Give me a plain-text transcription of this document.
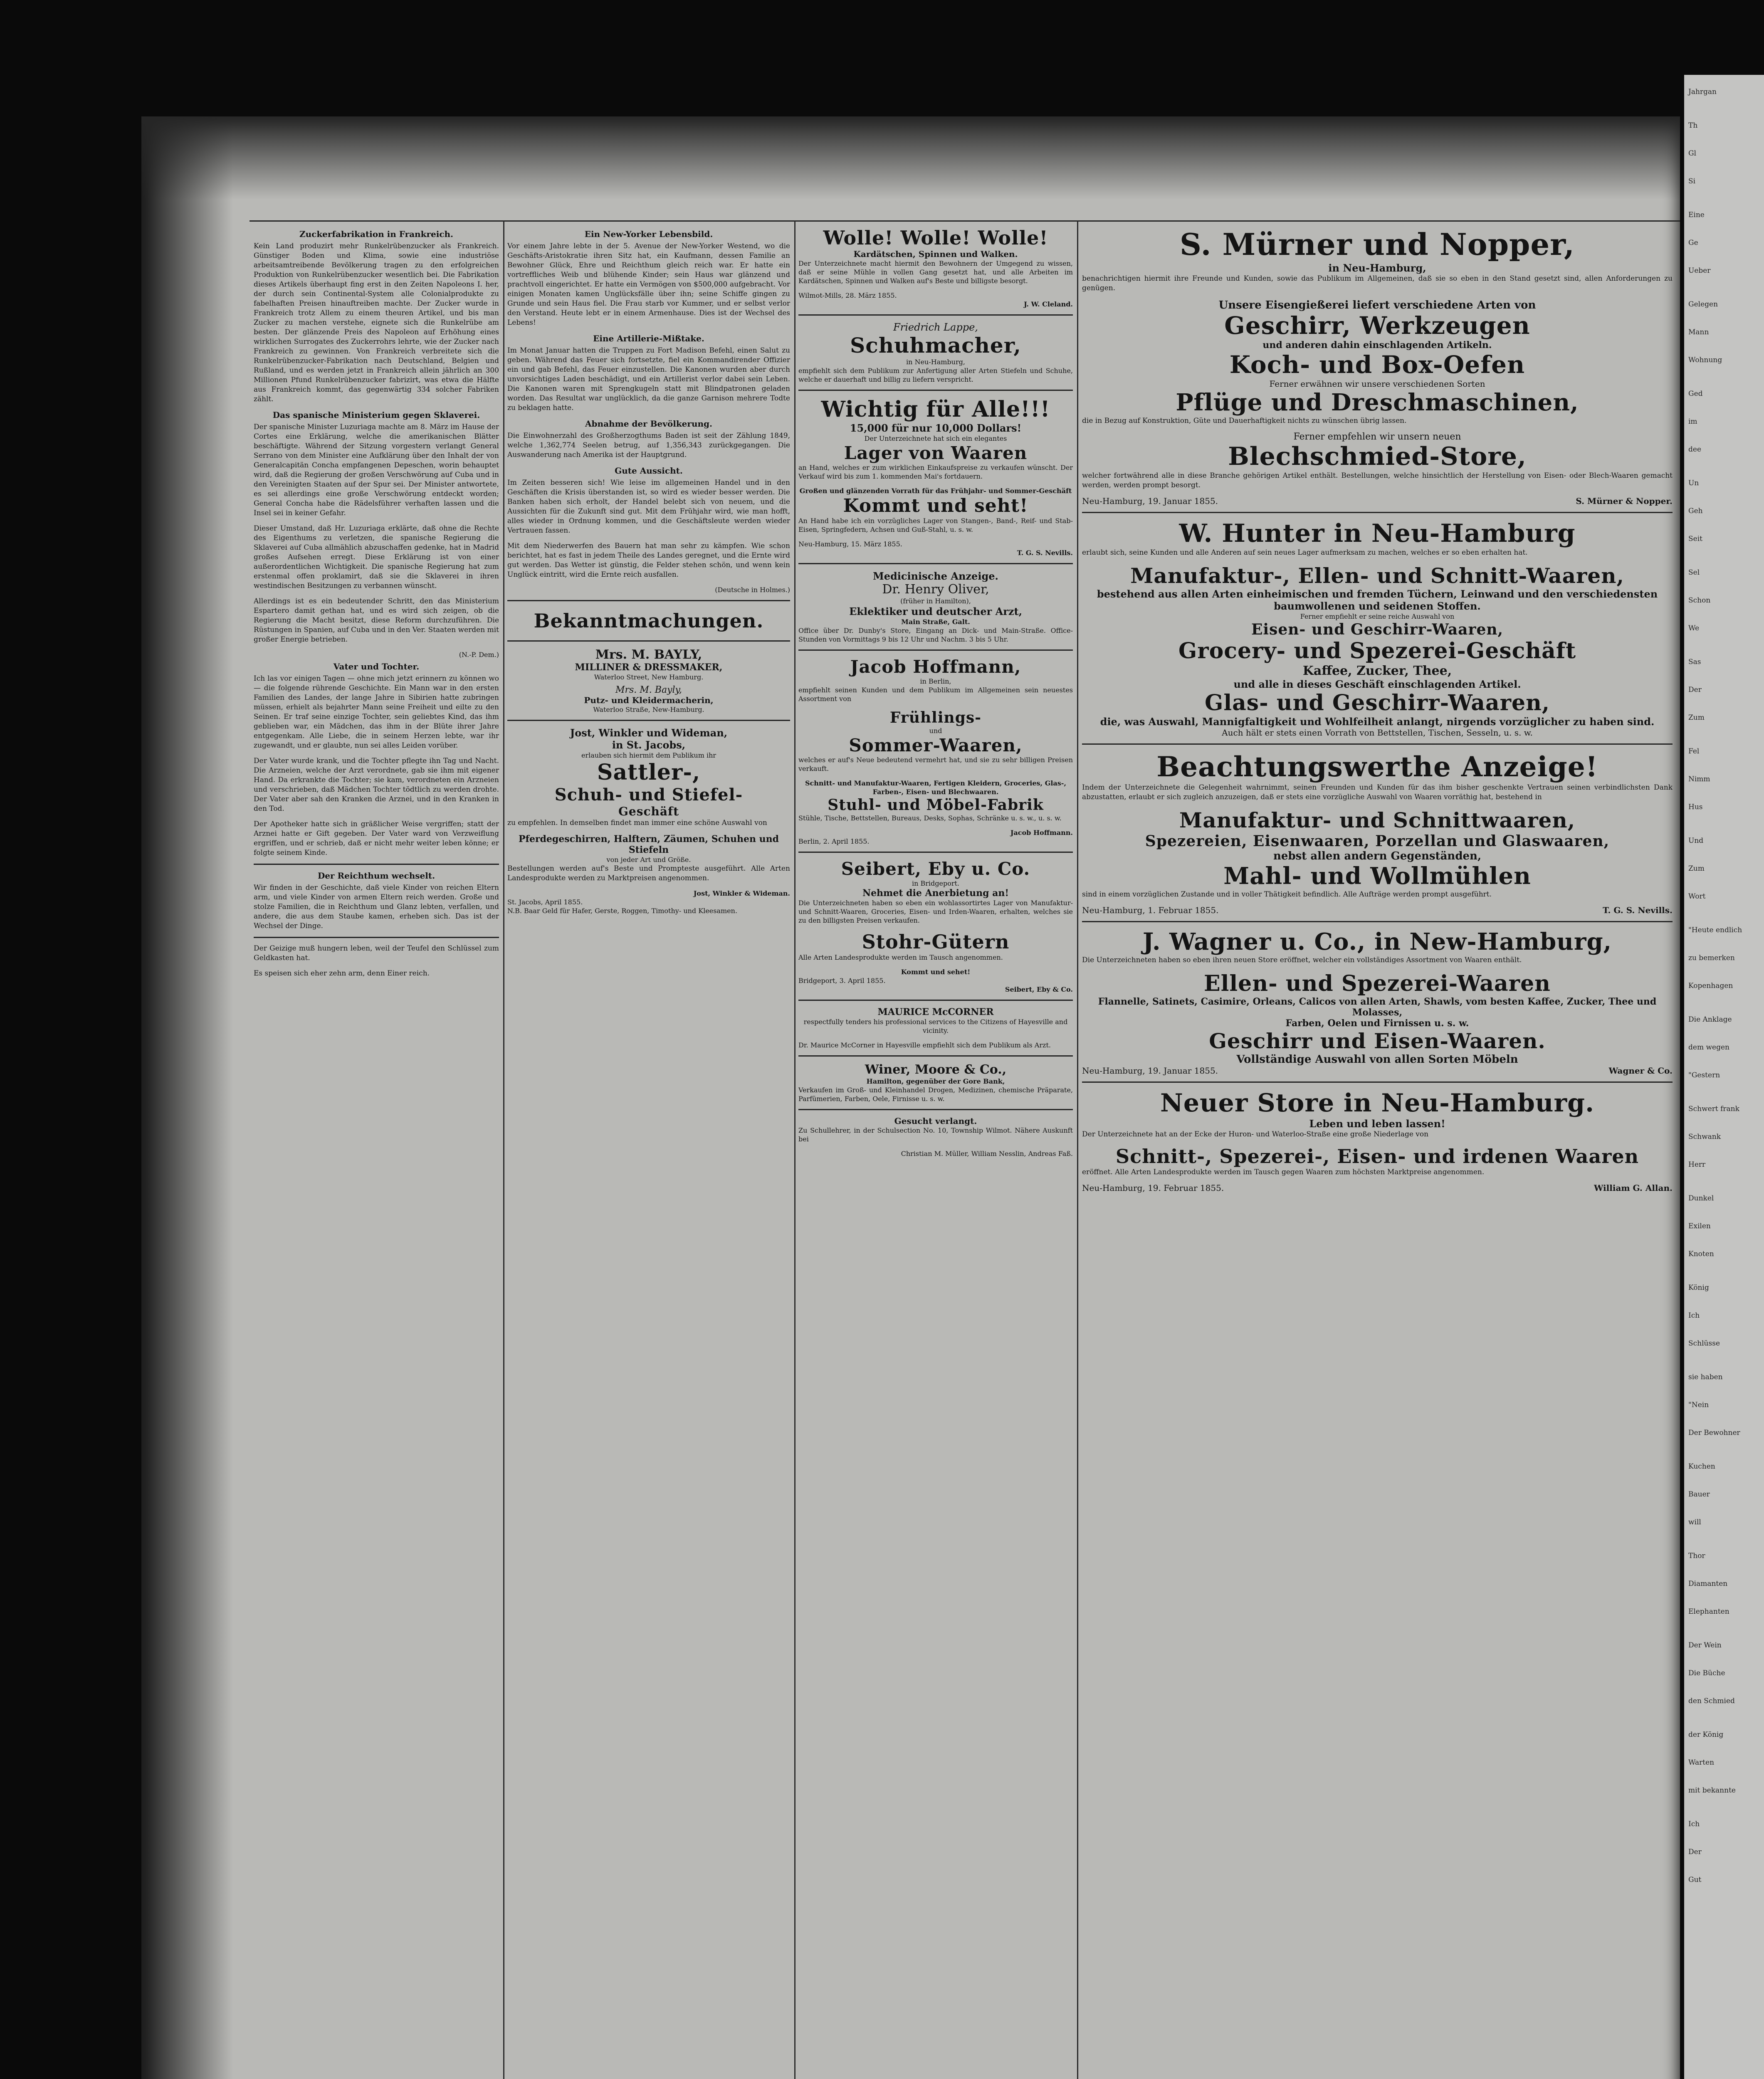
Zuckerfabrikation in Frankreich.

Kein Land produzirt mehr Runkelrübenzucker als Frankreich. Günstiger Boden und Klima, sowie eine industriöse arbeitsamtreibende Bevölkerung tragen zu den erfolgreichen Produktion von Runkelrübenzucker wesentlich bei. Die Fabrikation dieses Artikels überhaupt fing erst in den Zeiten Napoleons I. her, der durch sein Continental-System alle Colonialprodukte zu fabelhaften Preisen hinauftreiben machte. Der Zucker wurde in Frankreich trotz Allem zu einem theuren Artikel, und bis man Zucker zu machen verstehe, eignete sich die Runkelrübe am besten. Der glänzende Preis des Napoleon auf Erhöhung eines wirklichen Surrogates des Zuckerrohrs lehrte, wie der Zucker nach Frankreich zu gewinnen. Von Frankreich verbreitete sich die Runkelrübenzucker-Fabrikation nach Deutschland, Belgien und Rußland, und es werden jetzt in Frankreich allein jährlich an 300 Millionen Pfund Runkelrübenzucker fabrizirt, was etwa die Hälfte aus Frankreich kommt, das gegenwärtig 334 solcher Fabriken zählt.

Das spanische Ministerium gegen Sklaverei.

Der spanische Minister Luzuriaga machte am 8. März im Hause der Cortes eine Erklärung, welche die amerikanischen Blätter beschäftigte. Während der Sitzung vorgestern verlangt General Serrano von dem Minister eine Aufklärung über den Inhalt der von Generalcapitän Concha empfangenen Depeschen, worin behauptet wird, daß die Regierung der großen Verschwörung auf Cuba und in den Vereinigten Staaten auf der Spur sei. Der Minister antwortete, es sei allerdings eine große Verschwörung entdeckt worden; General Concha habe die Rädelsführer verhaften lassen und die Insel sei in keiner Gefahr.

Dieser Umstand, daß Hr. Luzuriaga erklärte, daß ohne die Rechte des Eigenthums zu verletzen, die spanische Regierung die Sklaverei auf Cuba allmählich abzuschaffen gedenke, hat in Madrid großes Aufsehen erregt. Diese Erklärung ist von einer außerordentlichen Wichtigkeit. Die spanische Regierung hat zum erstenmal offen proklamirt, daß sie die Sklaverei in ihren westindischen Besitzungen zu verbannen wünscht.

Allerdings ist es ein bedeutender Schritt, den das Ministerium Espartero damit gethan hat, und es wird sich zeigen, ob die Regierung die Macht besitzt, diese Reform durchzuführen. Die Rüstungen in Spanien, auf Cuba und in den Ver. Staaten werden mit großer Energie betrieben.

(N.-P. Dem.)
Vater und Tochter.

Ich las vor einigen Tagen — ohne mich jetzt erinnern zu können wo — die folgende rührende Geschichte. Ein Mann war in den ersten Familien des Landes, der lange Jahre in Sibirien hatte zubringen müssen, erhielt als bejahrter Mann seine Freiheit und eilte zu den Seinen. Er traf seine einzige Tochter, sein geliebtes Kind, das ihm geblieben war, ein Mädchen, das ihm in der Blüte ihrer Jahre entgegenkam. Alle Liebe, die in seinem Herzen lebte, war ihr zugewandt, und er glaubte, nun sei alles Leiden vorüber.

Der Vater wurde krank, und die Tochter pflegte ihn Tag und Nacht. Die Arzneien, welche der Arzt verordnete, gab sie ihm mit eigener Hand. Da erkrankte die Tochter; sie kam, verordneten ein Arzneien und verschrieben, daß Mädchen Tochter tödtlich zu werden drohte. Der Vater aber sah den Kranken die Arznei, und in den Kranken in den Tod.

Der Apotheker hatte sich in gräßlicher Weise vergriffen; statt der Arznei hatte er Gift gegeben. Der Vater ward von Verzweiflung ergriffen, und er schrieb, daß er nicht mehr weiter leben könne; er folgte seinem Kinde.

Der Reichthum wechselt.

Wir finden in der Geschichte, daß viele Kinder von reichen Eltern arm, und viele Kinder von armen Eltern reich werden. Große und stolze Familien, die in Reichthum und Glanz lebten, verfallen, und andere, die aus dem Staube kamen, erheben sich. Das ist der Wechsel der Dinge.

Der Geizige muß hungern leben, weil der Teufel den Schlüssel zum Geldkasten hat.

Es speisen sich eher zehn arm, denn Einer reich.

Ein New-Yorker Lebensbild.

Vor einem Jahre lebte in der 5. Avenue der New-Yorker Westend, wo die Geschäfts-Aristokratie ihren Sitz hat, ein Kaufmann, dessen Familie an Bewohner Glück, Ehre und Reichthum gleich reich war. Er hatte ein vortreffliches Weib und blühende Kinder; sein Haus war glänzend und prachtvoll eingerichtet. Er hatte ein Vermögen von $500,000 aufgebracht. Vor einigen Monaten kamen Unglücksfälle über ihn; seine Schiffe gingen zu Grunde und sein Haus fiel. Die Frau starb vor Kummer, und er selbst verlor den Verstand. Heute lebt er in einem Armenhause. Dies ist der Wechsel des Lebens!

Eine Artillerie-Mißtake.

Im Monat Januar hatten die Truppen zu Fort Madison Befehl, einen Salut zu geben. Während das Feuer sich fortsetzte, fiel ein Kommandirender Offizier ein und gab Befehl, das Feuer einzustellen. Die Kanonen wurden aber durch unvorsichtiges Laden beschädigt, und ein Artillerist verlor dabei sein Leben. Die Kanonen waren mit Sprengkugeln statt mit Blindpatronen geladen worden. Das Resultat war unglücklich, da die ganze Garnison mehrere Todte zu beklagen hatte.

Abnahme der Bevölkerung.

Die Einwohnerzahl des Großherzogthums Baden ist seit der Zählung 1849, welche 1,362,774 Seelen betrug, auf 1,356,343 zurückgegangen. Die Auswanderung nach Amerika ist der Hauptgrund.

Gute Aussicht.

Im Zeiten besseren sich! Wie leise im allgemeinen Handel und in den Geschäften die Krisis überstanden ist, so wird es wieder besser werden. Die Banken haben sich erholt, der Handel belebt sich von neuem, und die Aussichten für die Zukunft sind gut. Mit dem Frühjahr wird, wie man hofft, alles wieder in Ordnung kommen, und die Geschäftsleute werden wieder Vertrauen fassen.

Mit dem Niederwerfen des Bauern hat man sehr zu kämpfen. Wie schon berichtet, hat es fast in jedem Theile des Landes geregnet, und die Ernte wird gut werden. Das Wetter ist günstig, die Felder stehen schön, und wenn kein Unglück eintritt, wird die Ernte reich ausfallen.

(Deutsche in Holmes.)
Bekanntmachungen.
Mrs. M. BAYLY,
MILLINER & DRESSMAKER,
Waterloo Street, New Hamburg.
Mrs. M. Bayly,
Putz- und Kleidermacherin,
Waterloo Straße, New-Hamburg.
Jost, Winkler und Wideman,
in St. Jacobs,
erlauben sich hiermit dem Publikum ihr
Sattler-,
Schuh- und Stiefel-
Geschäft

zu empfehlen. In demselben findet man immer eine schöne Auswahl von

Pferdegeschirren, Halftern, Zäumen, Schuhen und Stiefeln
von jeder Art und Größe.

Bestellungen werden auf's Beste und Prompteste ausgeführt. Alle Arten Landesprodukte werden zu Marktpreisen angenommen.

Jost, Winkler & Wideman.
St. Jacobs, April 1855.
N.B. Baar Geld für Hafer, Gerste, Roggen, Timothy- und Kleesamen.
Wolle! Wolle! Wolle!
Kardätschen, Spinnen und Walken.

Der Unterzeichnete macht hiermit den Bewohnern der Umgegend zu wissen, daß er seine Mühle in vollen Gang gesetzt hat, und alle Arbeiten im Kardätschen, Spinnen und Walken auf's Beste und billigste besorgt.

Wilmot-Mills, 28. März 1855.
J. W. Cleland.
Friedrich Lappe,
Schuhmacher,
in Neu-Hamburg,

empfiehlt sich dem Publikum zur Anfertigung aller Arten Stiefeln und Schuhe, welche er dauerhaft und billig zu liefern verspricht.

Wichtig für Alle!!!
15,000 für nur 10,000 Dollars!
Der Unterzeichnete hat sich ein elegantes
Lager von Waaren

an Hand, welches er zum wirklichen Einkaufspreise zu verkaufen wünscht. Der Verkauf wird bis zum 1. kommenden Mai's fortdauern.

Großen und glänzenden Vorrath für das Frühjahr- und Sommer-Geschäft
Kommt und seht!

An Hand habe ich ein vorzügliches Lager von Stangen-, Band-, Reif- und Stab-Eisen, Springfedern, Achsen und Guß-Stahl, u. s. w.

Neu-Hamburg, 15. März 1855.
T. G. S. Nevills.
Medicinische Anzeige.
Dr. Henry Oliver,
(früher in Hamilton),
Eklektiker und deutscher Arzt,
Main Straße, Galt.

Office über Dr. Dunby's Store, Eingang an Dick- und Main-Straße. Office-Stunden von Vormittags 9 bis 12 Uhr und Nachm. 3 bis 5 Uhr.

Jacob Hoffmann,
in Berlin,

empfiehlt seinen Kunden und dem Publikum im Allgemeinen sein neuestes Assortment von

Frühlings-
und
Sommer-Waaren,

welches er auf's Neue bedeutend vermehrt hat, und sie zu sehr billigen Preisen verkauft.

Schnitt- und Manufaktur-Waaren, Fertigen Kleidern, Groceries, Glas-, Farben-, Eisen- und Blechwaaren.
Stuhl- und Möbel-Fabrik

Stühle, Tische, Bettstellen, Bureaus, Desks, Sophas, Schränke u. s. w., u. s. w.

Jacob Hoffmann.
Berlin, 2. April 1855.
Seibert, Eby u. Co.
in Bridgeport.
Nehmet die Anerbietung an!

Die Unterzeichneten haben so eben ein wohlassortirtes Lager von Manufaktur- und Schnitt-Waaren, Groceries, Eisen- und Irden-Waaren, erhalten, welches sie zu den billigsten Preisen verkaufen.

Stohr-Gütern

Alle Arten Landesprodukte werden im Tausch angenommen.

Kommt und sehet!
Bridgeport, 3. April 1855.
Seibert, Eby & Co.
MAURICE McCORNER

respectfully tenders his professional services to the Citizens of Hayesville and vicinity.

Dr. Maurice McCorner in Hayesville empfiehlt sich dem Publikum als Arzt.

Winer, Moore & Co.,
Hamilton, gegenüber der Gore Bank,

Verkaufen im Groß- und Kleinhandel Drogen, Medizinen, chemische Präparate, Parfümerien, Farben, Oele, Firnisse u. s. w.

Gesucht verlangt.

Zu Schullehrer, in der Schulsection No. 10, Township Wilmot. Nähere Auskunft bei

Christian M. Müller, William Nesslin, Andreas Faß.
S. Mürner und Nopper,
in Neu-Hamburg,

benachrichtigen hiermit ihre Freunde und Kunden, sowie das Publikum im Allgemeinen, daß sie so eben in den Stand gesetzt sind, allen Anforderungen zu genügen.

Unsere Eisengießerei liefert verschiedene Arten von
Geschirr, Werkzeugen
und anderen dahin einschlagenden Artikeln.
Koch- und Box-Oefen
Ferner erwähnen wir unsere verschiedenen Sorten
Pflüge und Dreschmaschinen,

die in Bezug auf Konstruktion, Güte und Dauerhaftigkeit nichts zu wünschen übrig lassen.

Ferner empfehlen wir unsern neuen
Blechschmied-Store,

welcher fortwährend alle in diese Branche gehörigen Artikel enthält. Bestellungen, welche hinsichtlich der Herstellung von Eisen- oder Blech-Waaren gemacht werden, werden prompt besorgt.

Neu-Hamburg, 19. Januar 1855.	S. Mürner & Nopper.
W. Hunter in Neu-Hamburg

erlaubt sich, seine Kunden und alle Anderen auf sein neues Lager aufmerksam zu machen, welches er so eben erhalten hat.

Manufaktur-, Ellen- und Schnitt-Waaren,
bestehend aus allen Arten einheimischen und fremden Tüchern, Leinwand und den verschiedensten baumwollenen und seidenen Stoffen.
Ferner empfiehlt er seine reiche Auswahl von
Eisen- und Geschirr-Waaren,
Grocery- und Spezerei-Geschäft
Kaffee, Zucker, Thee,
und alle in dieses Geschäft einschlagenden Artikel.
Glas- und Geschirr-Waaren,
die, was Auswahl, Mannigfaltigkeit und Wohlfeilheit anlangt, nirgends vorzüglicher zu haben sind.
Auch hält er stets einen Vorrath von Bettstellen, Tischen, Sesseln, u. s. w.
Beachtungswerthe Anzeige!

Indem der Unterzeichnete die Gelegenheit wahrnimmt, seinen Freunden und Kunden für das ihm bisher geschenkte Vertrauen seinen verbindlichsten Dank abzustatten, erlaubt er sich zugleich anzuzeigen, daß er stets eine vorzügliche Auswahl von Waaren vorräthig hat, bestehend in

Manufaktur- und Schnittwaaren,
Spezereien, Eisenwaaren, Porzellan und Glaswaaren,
nebst allen andern Gegenständen,
Mahl- und Wollmühlen

sind in einem vorzüglichen Zustande und in voller Thätigkeit befindlich. Alle Aufträge werden prompt ausgeführt.

Neu-Hamburg, 1. Februar 1855.	T. G. S. Nevills.
J. Wagner u. Co., in New-Hamburg,

Die Unterzeichneten haben so eben ihren neuen Store eröffnet, welcher ein vollständiges Assortment von Waaren enthält.

Ellen- und Spezerei-Waaren
Flannelle, Satinets, Casimire, Orleans, Calicos von allen Arten, Shawls, vom besten Kaffee, Zucker, Thee und Molasses,
Farben, Oelen und Firnissen u. s. w.
Geschirr und Eisen-Waaren.
Vollständige Auswahl von allen Sorten Möbeln
Neu-Hamburg, 19. Januar 1855.	Wagner & Co.
Neuer Store in Neu-Hamburg.
Leben und leben lassen!

Der Unterzeichnete hat an der Ecke der Huron- und Waterloo-Straße eine große Niederlage von

Schnitt-, Spezerei-, Eisen- und irdenen Waaren

eröffnet. Alle Arten Landesprodukte werden im Tausch gegen Waaren zum höchsten Marktpreise angenommen.

Neu-Hamburg, 19. Februar 1855.	William G. Allan.
Jahrgan
Th
Gl
Si
Eine
Ge
Ueber
Gelegen
Mann
Wohnung
Ged
im
dee
Un
Geh
Seit
Sel
Schon
We
Sas
Der
Zum
Fel
Nimm
Hus
Und
Zum
Wort
"Heute endlich
zu bemerken
Kopenhagen
Die Anklage
dem wegen
"Gestern
Schwert frank
Schwank
Herr
Dunkel
Exilen
Knoten
König
Ich
Schlüsse
sie haben
"Nein
Der Bewohner
Kuchen
Bauer
will
Thor
Diamanten
Elephanten
Der Wein
Die Büche
den Schmied
der König
Warten
mit bekannte
Ich
Der
Gut
